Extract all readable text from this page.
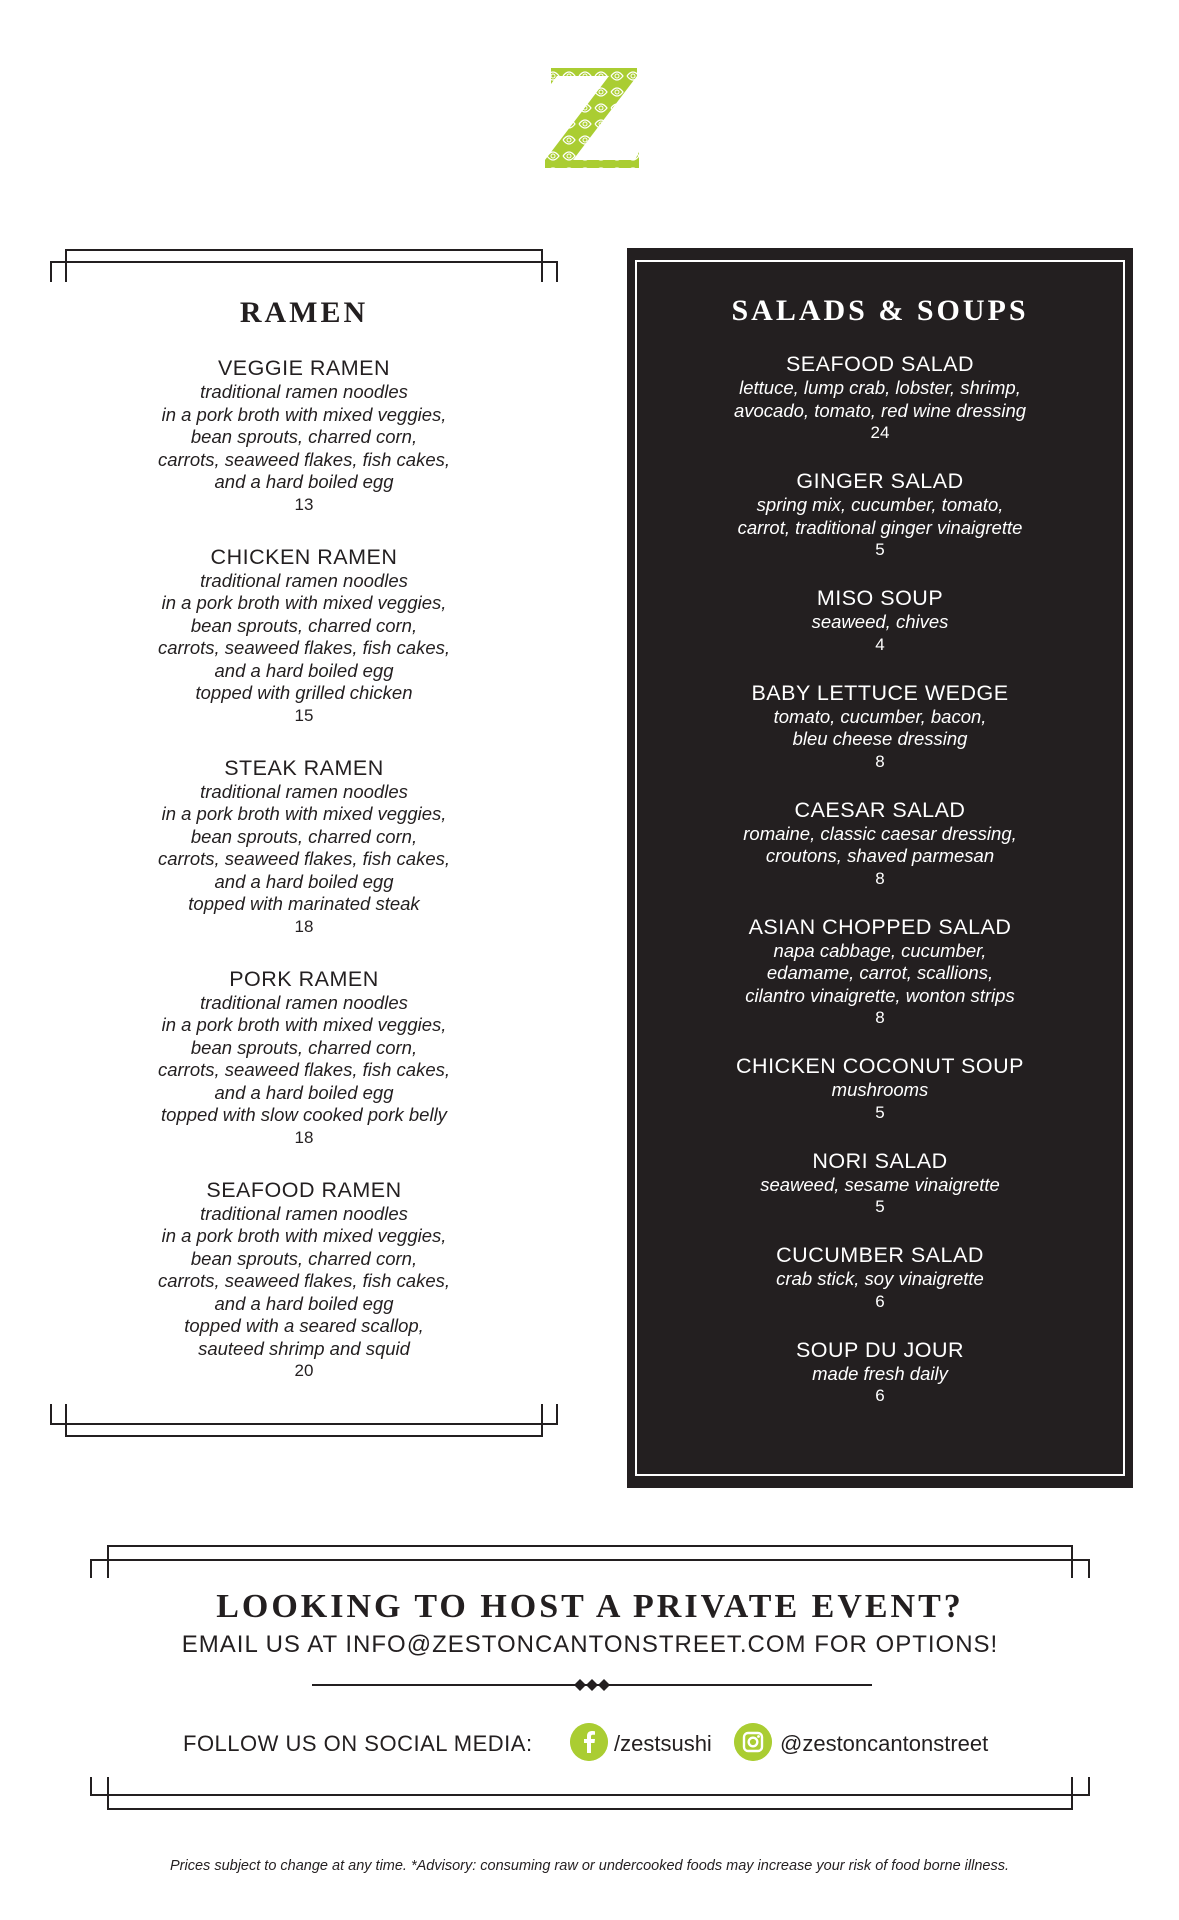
RAMEN
VEGGIE RAMEN
traditional ramen noodles
in a pork broth with mixed veggies,
bean sprouts, charred corn,
carrots, seaweed flakes, fish cakes,
and a hard boiled egg
13
CHICKEN RAMEN
traditional ramen noodles
in a pork broth with mixed veggies,
bean sprouts, charred corn,
carrots, seaweed flakes, fish cakes,
and a hard boiled egg
topped with grilled chicken
15
STEAK RAMEN
traditional ramen noodles
in a pork broth with mixed veggies,
bean sprouts, charred corn,
carrots, seaweed flakes, fish cakes,
and a hard boiled egg
topped with marinated steak
18
PORK RAMEN
traditional ramen noodles
in a pork broth with mixed veggies,
bean sprouts, charred corn,
carrots, seaweed flakes, fish cakes,
and a hard boiled egg
topped with slow cooked pork belly
18
SEAFOOD RAMEN
traditional ramen noodles
in a pork broth with mixed veggies,
bean sprouts, charred corn,
carrots, seaweed flakes, fish cakes,
and a hard boiled egg
topped with a seared scallop,
sauteed shrimp and squid
20
SALADS & SOUPS
SEAFOOD SALAD
lettuce, lump crab, lobster, shrimp,
avocado, tomato, red wine dressing
24
GINGER SALAD
spring mix, cucumber, tomato,
carrot, traditional ginger vinaigrette
5
MISO SOUP
seaweed, chives
4
BABY LETTUCE WEDGE
tomato, cucumber, bacon,
bleu cheese dressing
8
CAESAR SALAD
romaine, classic caesar dressing,
croutons, shaved parmesan
8
ASIAN CHOPPED SALAD
napa cabbage, cucumber,
edamame, carrot, scallions,
cilantro vinaigrette, wonton strips
8
CHICKEN COCONUT SOUP
mushrooms
5
NORI SALAD
seaweed, sesame vinaigrette
5
CUCUMBER SALAD
crab stick, soy vinaigrette
6
SOUP DU JOUR
made fresh daily
6
LOOKING TO HOST A PRIVATE EVENT?
EMAIL US AT INFO@ZESTONCANTONSTREET.COM FOR OPTIONS!
FOLLOW US ON SOCIAL MEDIA:	/zestsushi	@zestoncantonstreet
Prices subject to change at any time. *Advisory: consuming raw or undercooked foods may increase your risk of food borne illness.
